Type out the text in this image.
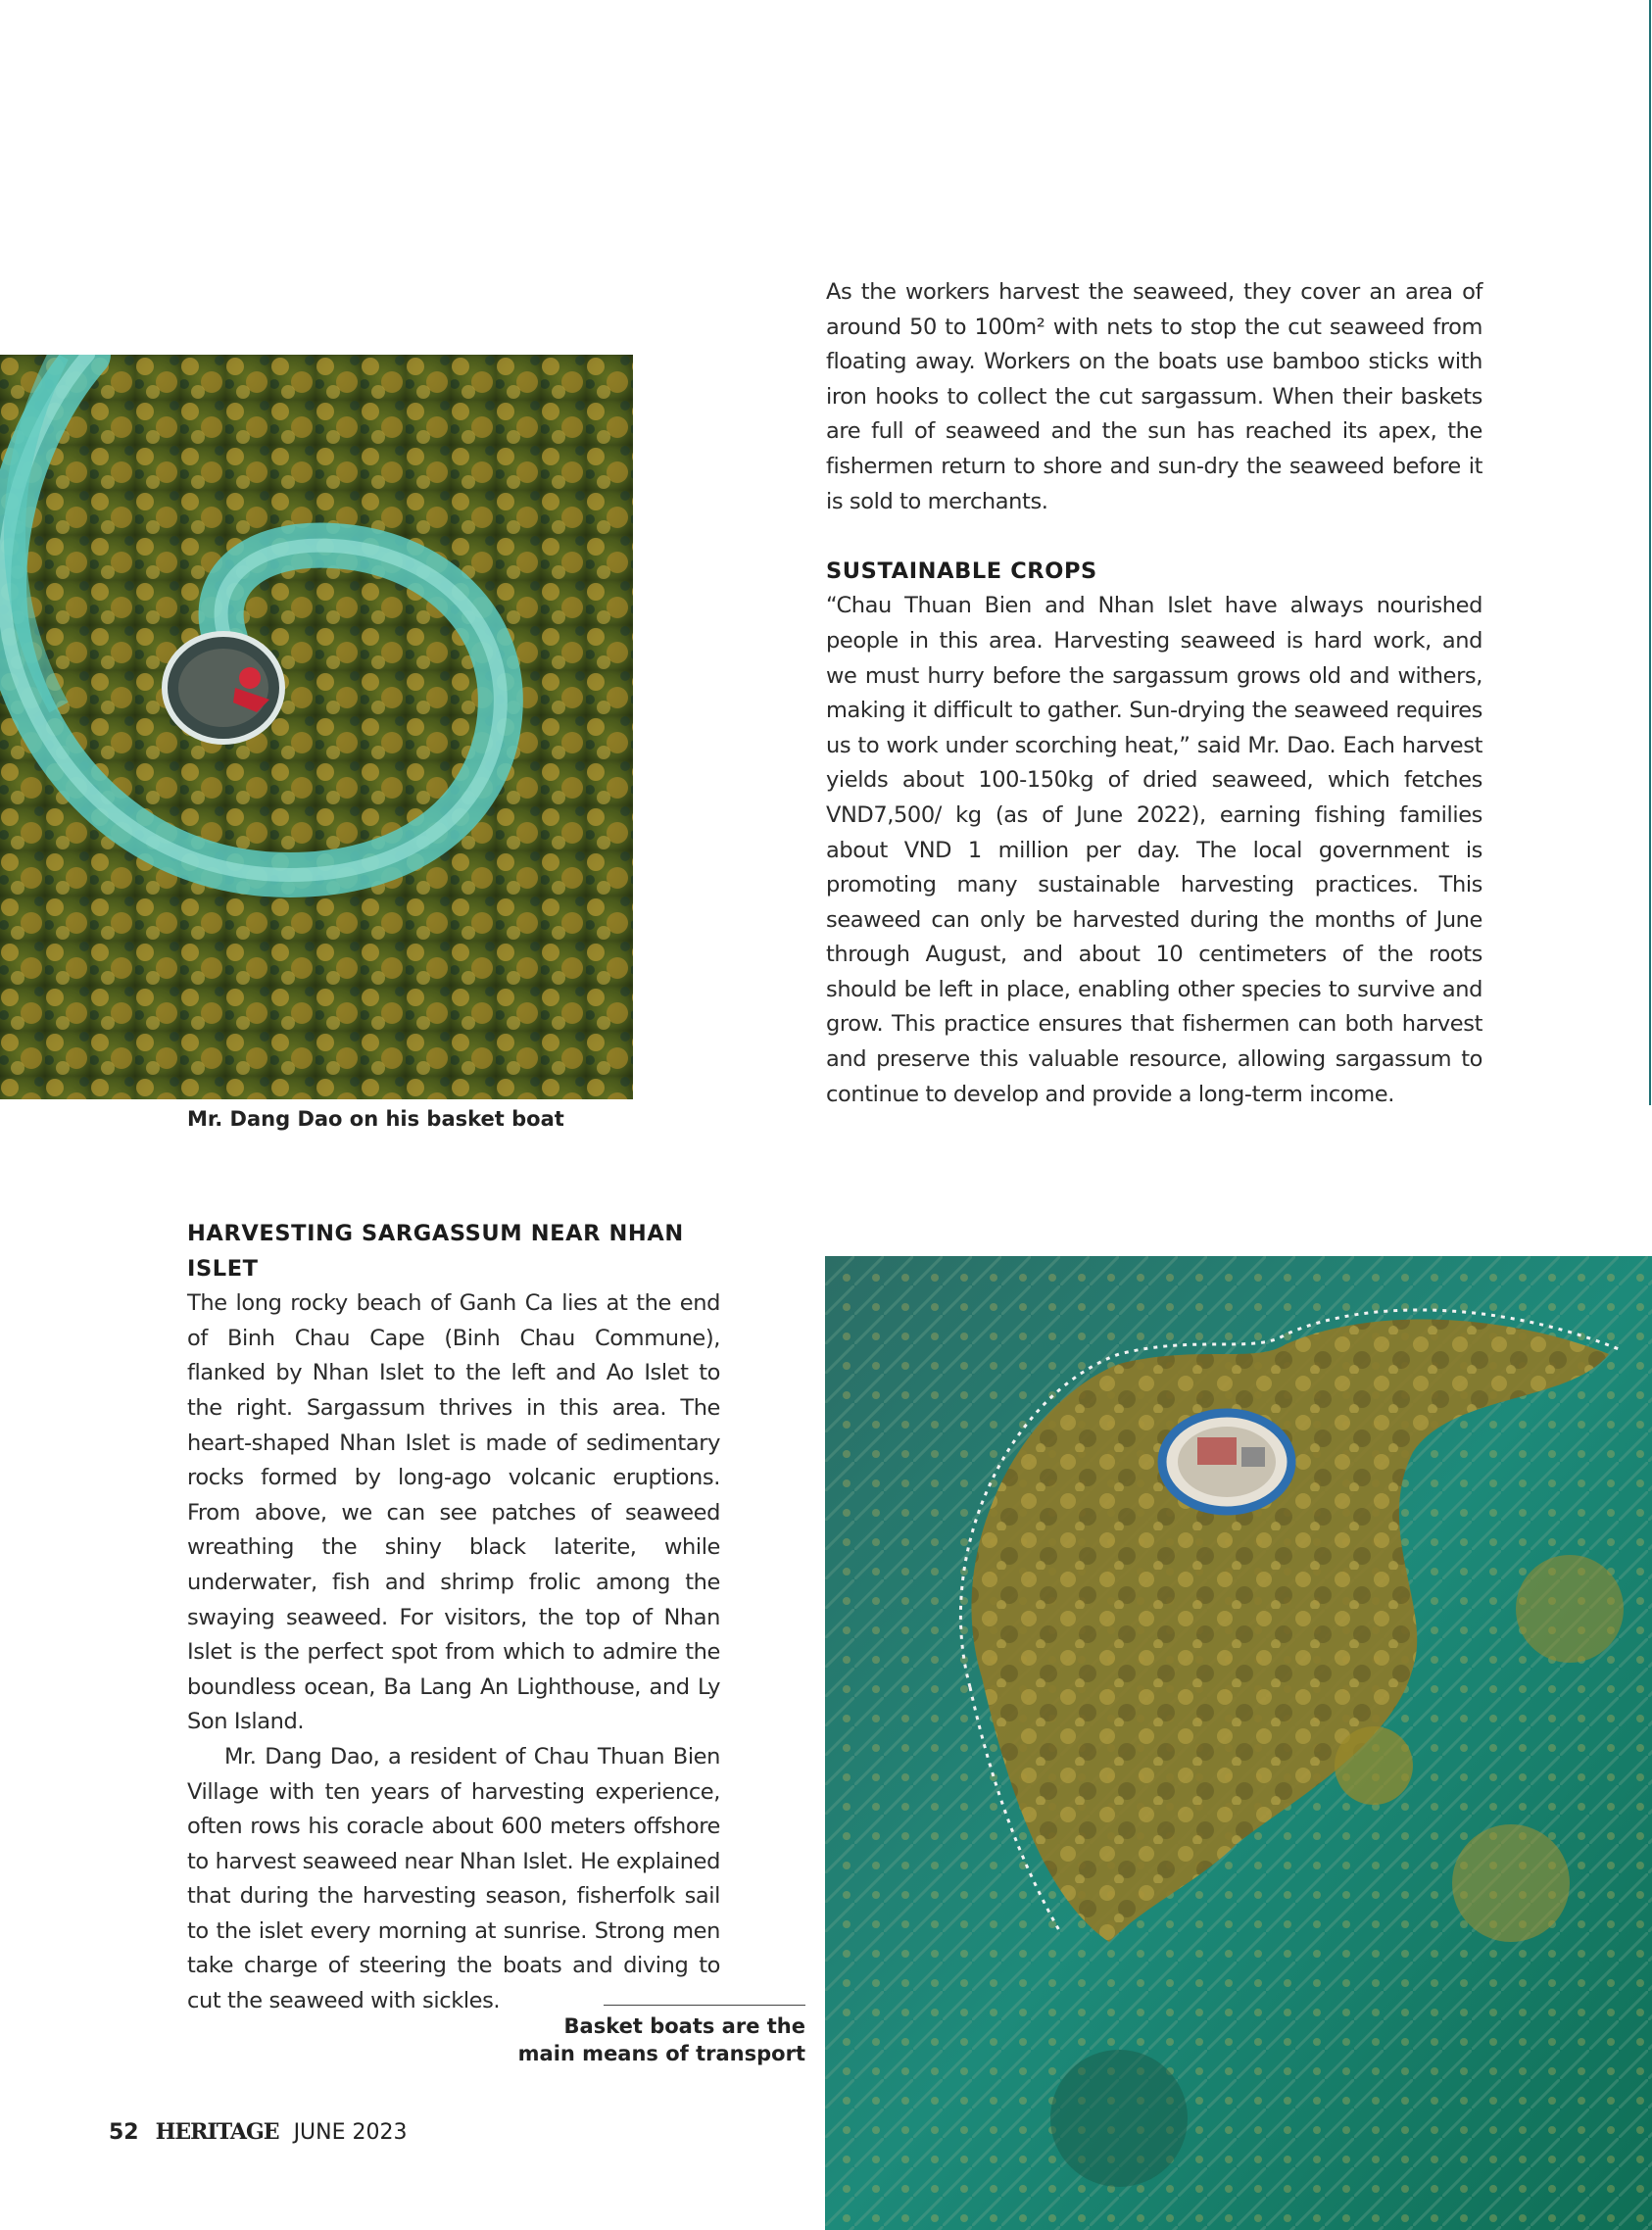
Mr. Dang Dao on his basket boat

As the workers harvest the seaweed, they cover an area of around 50 to 100m² with nets to stop the cut seaweed from floating away. Workers on the boats use bamboo sticks with iron hooks to collect the cut sargassum. When their baskets are full of seaweed and the sun has reached its apex, the fishermen return to shore and sun-dry the seaweed before it is sold to merchants.

SUSTAINABLE CROPS

“Chau Thuan Bien and Nhan Islet have always nourished people in this area. Harvesting seaweed is hard work, and we must hurry before the sargassum grows old and withers, making it difficult to gather. Sun-drying the seaweed requires us to work under scorching heat,” said Mr. Dao. Each harvest yields about 100-150kg of dried seaweed, which fetches VND7,500/ kg (as of June 2022), earning fishing families about VND 1 million per day. The local government is promoting many sustainable harvesting practices. This seaweed can only be harvested during the months of June through August, and about 10 centimeters of the roots should be left in place, enabling other species to survive and grow. This practice ensures that fishermen can both harvest and preserve this valuable resource, allowing sargassum to continue to develop and provide a long-term income.

HARVESTING SARGASSUM NEAR NHAN ISLET

The long rocky beach of Ganh Ca lies at the end of Binh Chau Cape (Binh Chau Commune), flanked by Nhan Islet to the left and Ao Islet to the right. Sargassum thrives in this area. The heart-shaped Nhan Islet is made of sedimentary rocks formed by long-ago volcanic eruptions. From above, we can see patches of seaweed wreathing the shiny black laterite, while underwater, fish and shrimp frolic among the swaying seaweed. For visitors, the top of Nhan Islet is the perfect spot from which to admire the boundless ocean, Ba Lang An Lighthouse, and Ly Son Island.

Mr. Dang Dao, a resident of Chau Thuan Bien Village with ten years of harvesting experience, often rows his coracle about 600 meters offshore to harvest seaweed near Nhan Islet. He explained that during the harvesting season, fisherfolk sail to the islet every morning at sunrise. Strong men take charge of steering the boats and diving to cut the seaweed with sickles.

Basket boats are the
main means of transport
52 HERITAGE JUNE 2023
